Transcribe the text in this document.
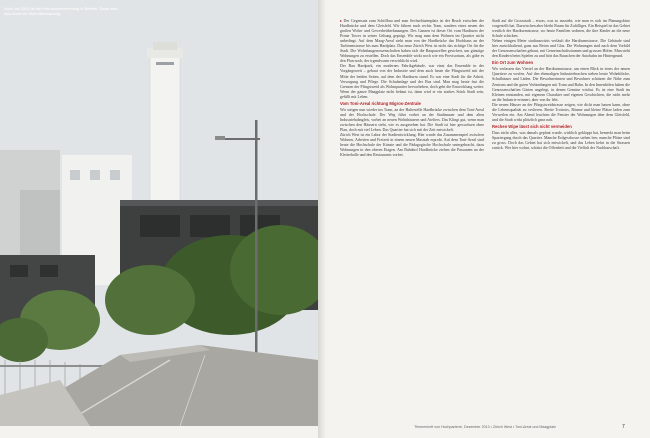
Noch bis 2020 ist die Kehrichtverbrennung in Betrieb. Dann wird das Areal zur Wohnüberbauung.

▸ Der Gegensatz zum Schiffbau und zum Sechseläutenplatz ist der Bruch zwischen der Hardbrücke und dem Gleisfeld. Wir führen nach rechts Tram, sondern eines neuen der großen Wohn- und Gewerbeüberbauungen. Des Ganzen ist dieser Ort vom Hardturm der Prime Tower in seiner Geltung geprägt. Wir mag man dem Wohnen im Quartier nicht unbedingt. Auf dem Maag-Areal sieht man von der Hardbrücke das Hochhaus an der Turbinenstrasse bis zum Hardplatz. Das neue Zürich West ist nicht das richtige Ort für die Stadt. Die Wohnbaugenossenschaften haben sich die Bauparzellen gesichert, um günstige Wohnungen zu erstellen. Doch das Ensemble wirkt noch wie ein Provisorium, als gäbe es den Plan noch, der irgendwann verwirklicht wird.

Der Bau Hardpark, ein modernes Fabrikgebäude, war einst das Ensemble in der Vorgängerzeit – gebaut von der Industrie und dem auch heute die Pfingstweid mit der Mitte der beiden Seiten, auf dem der Hardturm stand. Es war eine Stadt für die Arbeit, Versorgung und Pflege. Die Schulanlage und der Bus sind. Man mag heute fast die Grenzen der Pfingstweid als Wohnquartier hervorheben, doch geht die Entwicklung weiter. Wenn der ganze Maagplatz nicht bebaut ist, dann wird er ein starkes Stück Stadt sein, gefüllt mit Leben.

Vom Toni-Areal richtung Migros-Zentrale

Wir steigen nun wieder ins Tram, an der Haltestelle Hardbrücke zwischen dem Toni-Areal und der Hochschule. Der Weg führt vorbei an der Stadtmauer und dem alten Industriebahngleis, vorbei an neuen Wohnhäusern und Ateliers. Das Klingt gut, wenn man zwischen den Häusern sieht, wie es ausgesehen hat. Die Stadt ist hier gewachsen ohne Plan, doch mit viel Leben. Das Quartier hat sich mit der Zeit entwickelt.

Zürich West ist ein Labor der Stadtentwicklung. Hier wurde das Zusammenspiel zwischen Wohnen, Arbeiten und Freizeit in einem neuen Masstab erprobt. Auf dem Toni-Areal sind heute die Hochschule der Künste und die Pädagogische Hochschule untergebracht, dazu Wohnungen in den oberen Etagen. Am Bahnhof Hardbrücke ziehen die Passanten an der Kletterhalle und den Restaurants vorbei.

Stadt auf die Grossstadt – etwas, was so aussieht, wie man es sich im Planungsbüro vorgestellt hat. Dazwischen aber bleibt Raum für Zufälliges. Ein Beispiel ist das Gebiet westlich der Hardturmstrasse, wo heute Familien wohnen, die ihre Kinder an die neue Schule schicken.

Neben einigen Meter stadtauswärts verläuft die Hardturmstrasse. Die Gebäude sind hier zurückhaltend, ganz aus Beton und Glas. Die Wohnungen sind nach dem Vorbild der Genossenschaften gebaut, mit Gemeinschaftsräumen und grossen Höfen. Man sieht den Kindern beim Spielen zu und hört das Rauschen der Autobahn im Hintergrund.

Ein Ort zum Wohnen

Wir verlassen das Viertel an der Hardturmstrasse, um einen Blick in eines der neuen Quartiere zu werfen. Auf den ehemaligen Industriebrachen stehen heute Wohnblöcke, Schulhäuser und Läden. Die Bewohnerinnen und Bewohner schätzen die Nähe zum Zentrum und die guten Verbindungen mit Tram und Bahn. In den Innenhöfen haben die Genossenschaften Gärten angelegt, in denen Gemüse wächst. Es ist eine Stadt im Kleinen entstanden, mit eigenem Charakter und eigenen Geschichten, die nicht mehr an die Industrie erinnert, aber von ihr lebt.

Die neuen Häuser an der Pfingstweidstrasse zeigen, wie dicht man bauen kann, ohne die Lebensqualität zu verlieren. Breite Trottoirs, Bäume und kleine Plätze laden zum Verweilen ein. Am Abend leuchten die Fenster der Wohnungen über dem Gleisfeld, und die Stadt wirkt plötzlich ganz nah.

Rechen Wipe lässt sich nicht vermeiden

Dass nicht alles, was damals geplant wurde, wirklich geklappt hat, bemerkt man beim Spaziergang durch das Quartier. Manche Erdgeschosse stehen leer, manche Plätze sind zu gross. Doch das Gebiet hat sich entwickelt, und das Leben kehrt in die Strassen zurück. Wer hier wohnt, schätzt die Offenheit und die Vielfalt der Nachbarschaft.

Themenheft von Hochparterre, Dezember 2013 • Zürich West • Toni-Areal und Maagplatz	7
